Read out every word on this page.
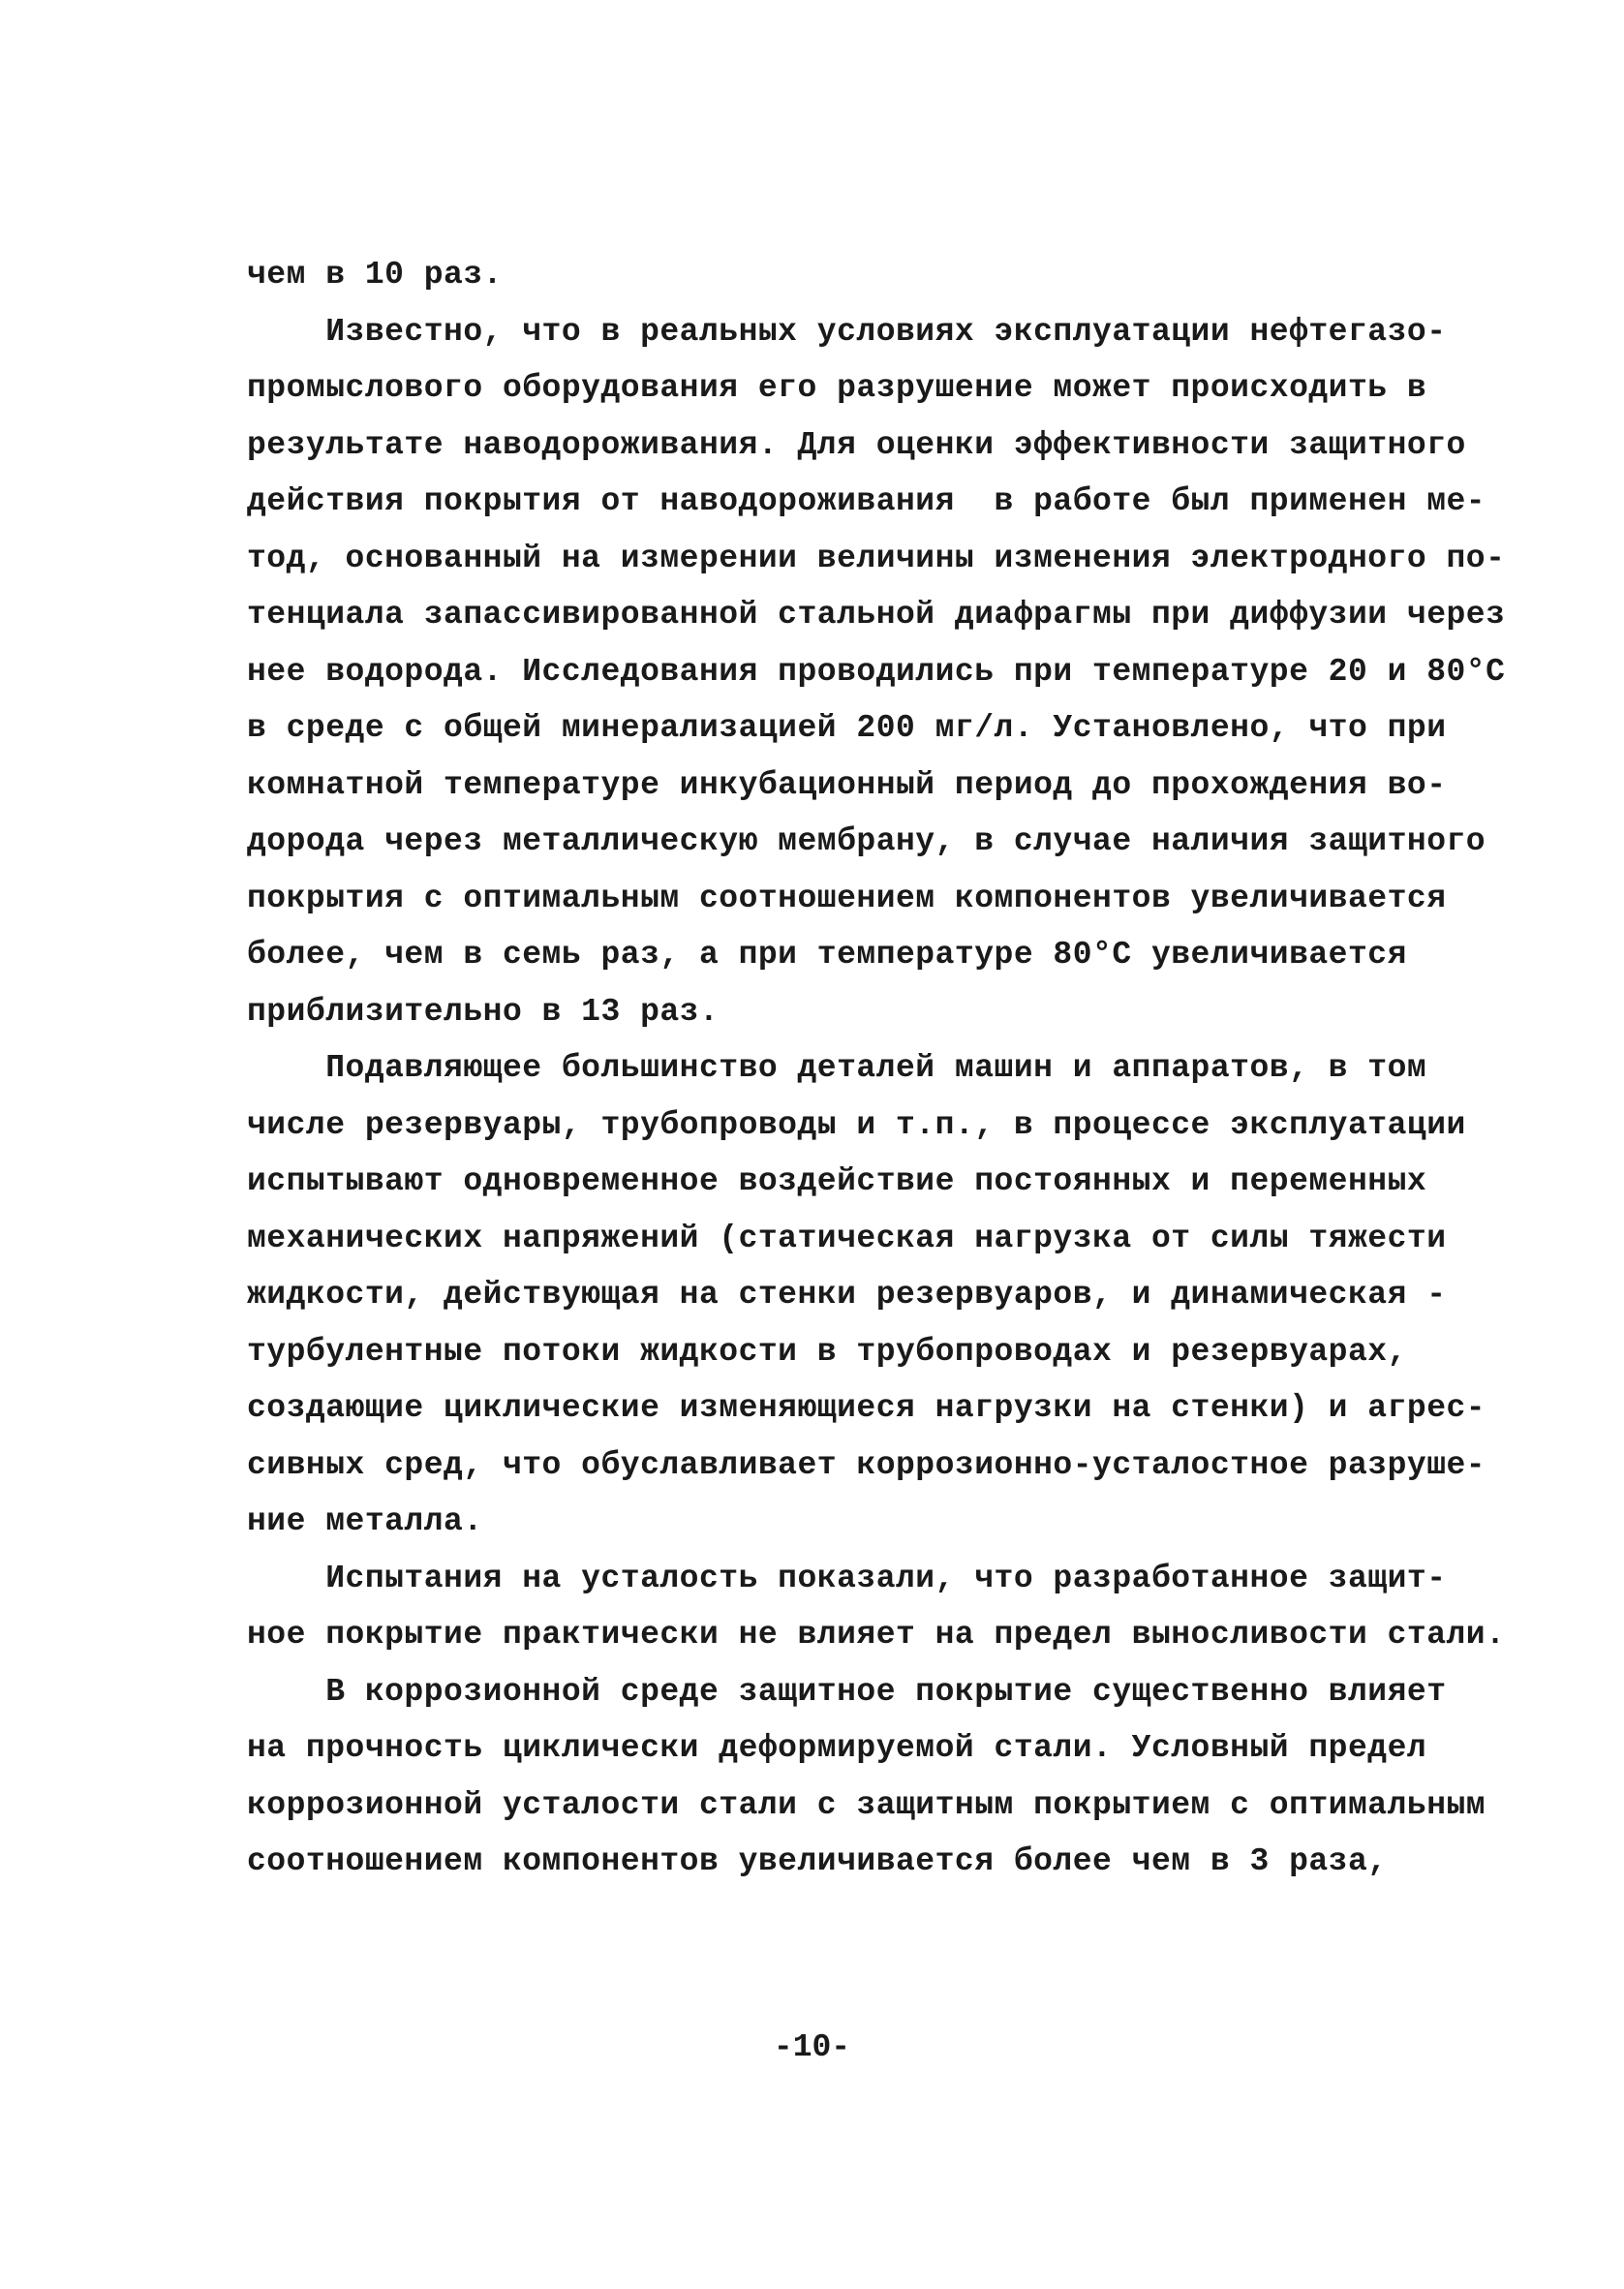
чем в 10 раз.
Известно, что в реальных условиях эксплуатации нефтегазо-
промыслового оборудования его разрушение может происходить в
результате наводороживания. Для оценки эффективности защитного
действия покрытия от наводороживания  в работе был применен ме-
тод, основанный на измерении величины изменения электродного по-
тенциала запассивированной стальной диафрагмы при диффузии через
нее водорода. Исследования проводились при температуре 20 и 80°С
в среде с общей минерализацией 200 мг/л. Установлено, что при
комнатной температуре инкубационный период до прохождения во-
дорода через металлическую мембрану, в случае наличия защитного
покрытия с оптимальным соотношением компонентов увеличивается
более, чем в семь раз, а при температуре 80°С увеличивается
приблизительно в 13 раз.
Подавляющее большинство деталей машин и аппаратов, в том
числе резервуары, трубопроводы и т.п., в процессе эксплуатации
испытывают одновременное воздействие постоянных и переменных
механических напряжений (статическая нагрузка от силы тяжести
жидкости, действующая на стенки резервуаров, и динамическая -
турбулентные потоки жидкости в трубопроводах и резервуарах,
создающие циклические изменяющиеся нагрузки на стенки) и агрес-
сивных сред, что обуславливает коррозионно-усталостное разруше-
ние металла.
Испытания на усталость показали, что разработанное защит-
ное покрытие практически не влияет на предел выносливости стали.
В коррозионной среде защитное покрытие существенно влияет
на прочность циклически деформируемой стали. Условный предел
коррозионной усталости стали с защитным покрытием с оптимальным
соотношением компонентов увеличивается более чем в 3 раза,
-10-
